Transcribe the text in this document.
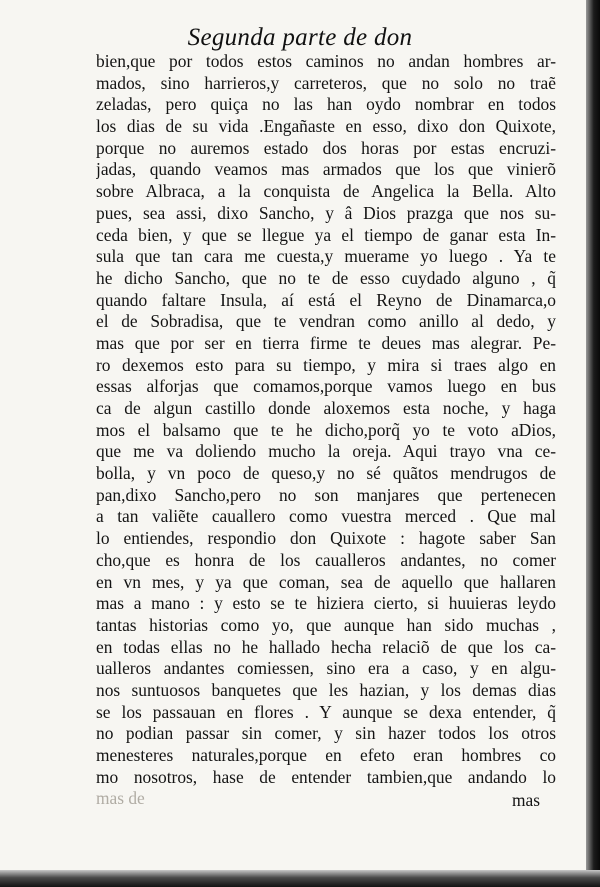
Segunda parte de don
bien,que por todos estos caminos no andan hombres ar-
mados, sino harrieros,y carreteros, que no solo no traẽ
zeladas, pero quiça no las han oydo nombrar en todos
los dias de su vida .Engañaste en esso, dixo don Quixote,
porque no auremos estado dos horas por estas encruzi-
jadas, quando veamos mas armados que los que vinierõ
sobre Albraca, a la conquista de Angelica la Bella. Alto
pues, sea assi, dixo Sancho, y â Dios prazga que nos su-
ceda bien, y que se llegue ya el tiempo de ganar esta In-
sula que tan cara me cuesta,y muerame yo luego . Ya te
he dicho Sancho, que no te de esso cuydado alguno , q̃
quando faltare Insula, aí está el Reyno de Dinamarca,o
el de Sobradisa, que te vendran como anillo al dedo, y
mas que por ser en tierra firme te deues mas alegrar. Pe-
ro dexemos esto para su tiempo, y mira si traes algo en
essas alforjas que comamos,porque vamos luego en bus
ca de algun castillo donde aloxemos esta noche, y haga
mos el balsamo que te he dicho,porq̃ yo te voto aDios,
que me va doliendo mucho la oreja. Aqui trayo vna ce-
bolla, y vn poco de queso,y no sé quãtos mendrugos de
pan,dixo Sancho,pero no son manjares que pertenecen
a tan valiẽte cauallero como vuestra merced . Que mal
lo entiendes, respondio don Quixote : hagote saber San
cho,que es honra de los caualleros andantes, no comer
en vn mes, y ya que coman, sea de aquello que hallaren
mas a mano : y esto se te hiziera cierto, si huuieras leydo
tantas historias como yo, que aunque han sido muchas ,
en todas ellas no he hallado hecha relaciõ de que los ca-
ualleros andantes comiessen, sino era a caso, y en algu-
nos suntuosos banquetes que les hazian, y los demas dias
se los passauan en flores . Y aunque se dexa entender, q̃
no podian passar sin comer, y sin hazer todos los otros
menesteres naturales,porque en efeto eran hombres co
mo nosotros, hase de entender tambien,que andando lo
mas de	mas
